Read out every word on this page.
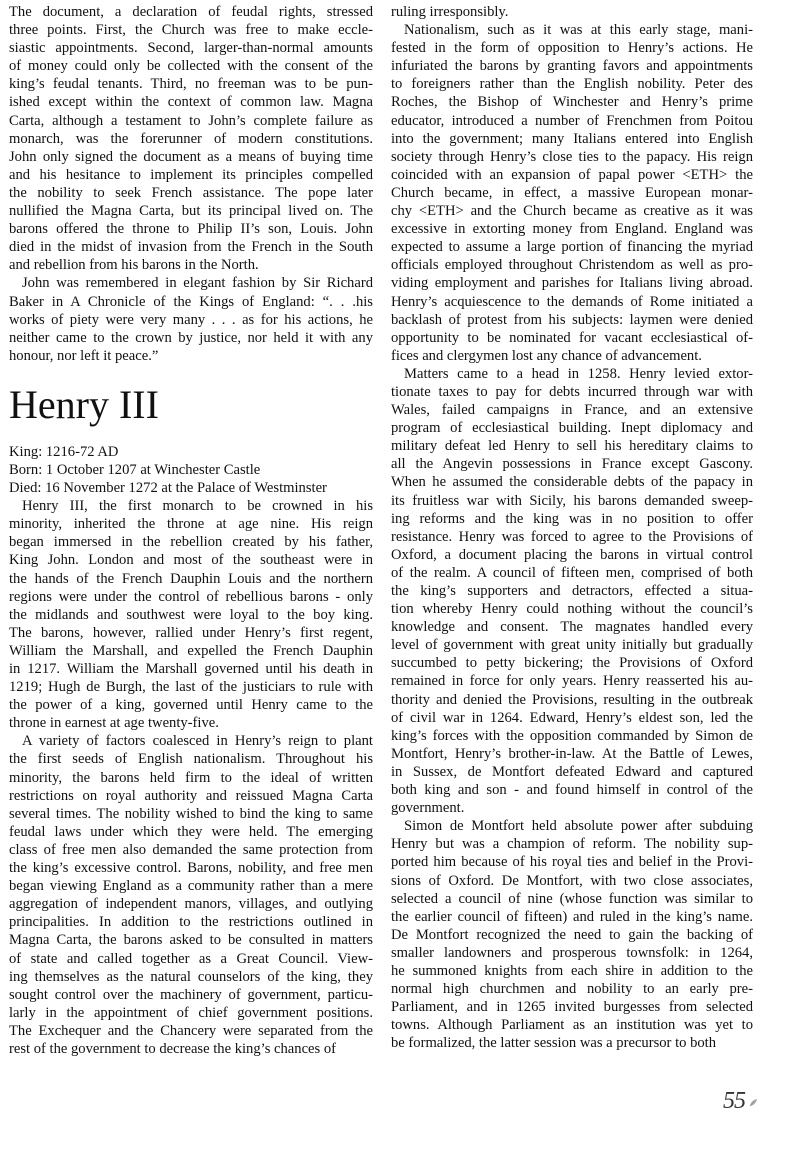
The document, a declaration of feudal rights, stressed
three points. First, the Church was free to make eccle-
siastic appointments. Second, larger-than-normal amounts
of money could only be collected with the consent of the
king’s feudal tenants. Third, no freeman was to be pun-
ished except within the context of common law. Magna
Carta, although a testament to John’s complete failure as
monarch, was the forerunner of modern constitutions.
John only signed the document as a means of buying time
and his hesitance to implement its principles compelled
the nobility to seek French assistance. The pope later
nullified the Magna Carta, but its principal lived on. The
barons offered the throne to Philip II’s son, Louis. John
died in the midst of invasion from the French in the South
and rebellion from his barons in the North.
John was remembered in elegant fashion by Sir Richard
Baker in A Chronicle of the Kings of England: “. . .his
works of piety were very many . . . as for his actions, he
neither came to the crown by justice, nor held it with any
honour, nor left it peace.”
Henry III
King: 1216-72 AD
Born: 1 October 1207 at Winchester Castle
Died: 16 November 1272 at the Palace of Westminster
Henry III, the first monarch to be crowned in his
minority, inherited the throne at age nine. His reign
began immersed in the rebellion created by his father,
King John. London and most of the southeast were in
the hands of the French Dauphin Louis and the northern
regions were under the control of rebellious barons - only
the midlands and southwest were loyal to the boy king.
The barons, however, rallied under Henry’s first regent,
William the Marshall, and expelled the French Dauphin
in 1217. William the Marshall governed until his death in
1219; Hugh de Burgh, the last of the justiciars to rule with
the power of a king, governed until Henry came to the
throne in earnest at age twenty-five.
A variety of factors coalesced in Henry’s reign to plant
the first seeds of English nationalism. Throughout his
minority, the barons held firm to the ideal of written
restrictions on royal authority and reissued Magna Carta
several times. The nobility wished to bind the king to same
feudal laws under which they were held. The emerging
class of free men also demanded the same protection from
the king’s excessive control. Barons, nobility, and free men
began viewing England as a community rather than a mere
aggregation of independent manors, villages, and outlying
principalities. In addition to the restrictions outlined in
Magna Carta, the barons asked to be consulted in matters
of state and called together as a Great Council. View-
ing themselves as the natural counselors of the king, they
sought control over the machinery of government, particu-
larly in the appointment of chief government positions.
The Exchequer and the Chancery were separated from the
rest of the government to decrease the king’s chances of
ruling irresponsibly.
Nationalism, such as it was at this early stage, mani-
fested in the form of opposition to Henry’s actions. He
infuriated the barons by granting favors and appointments
to foreigners rather than the English nobility. Peter des
Roches, the Bishop of Winchester and Henry’s prime
educator, introduced a number of Frenchmen from Poitou
into the government; many Italians entered into English
society through Henry’s close ties to the papacy. His reign
coincided with an expansion of papal power <ETH> the
Church became, in effect, a massive European monar-
chy <ETH> and the Church became as creative as it was
excessive in extorting money from England. England was
expected to assume a large portion of financing the myriad
officials employed throughout Christendom as well as pro-
viding employment and parishes for Italians living abroad.
Henry’s acquiescence to the demands of Rome initiated a
backlash of protest from his subjects: laymen were denied
opportunity to be nominated for vacant ecclesiastical of-
fices and clergymen lost any chance of advancement.
Matters came to a head in 1258. Henry levied extor-
tionate taxes to pay for debts incurred through war with
Wales, failed campaigns in France, and an extensive
program of ecclesiastical building. Inept diplomacy and
military defeat led Henry to sell his hereditary claims to
all the Angevin possessions in France except Gascony.
When he assumed the considerable debts of the papacy in
its fruitless war with Sicily, his barons demanded sweep-
ing reforms and the king was in no position to offer
resistance. Henry was forced to agree to the Provisions of
Oxford, a document placing the barons in virtual control
of the realm. A council of fifteen men, comprised of both
the king’s supporters and detractors, effected a situa-
tion whereby Henry could nothing without the council’s
knowledge and consent. The magnates handled every
level of government with great unity initially but gradually
succumbed to petty bickering; the Provisions of Oxford
remained in force for only years. Henry reasserted his au-
thority and denied the Provisions, resulting in the outbreak
of civil war in 1264. Edward, Henry’s eldest son, led the
king’s forces with the opposition commanded by Simon de
Montfort, Henry’s brother-in-law. At the Battle of Lewes,
in Sussex, de Montfort defeated Edward and captured
both king and son - and found himself in control of the
government.
Simon de Montfort held absolute power after subduing
Henry but was a champion of reform. The nobility sup-
ported him because of his royal ties and belief in the Provi-
sions of Oxford. De Montfort, with two close associates,
selected a council of nine (whose function was similar to
the earlier council of fifteen) and ruled in the king’s name.
De Montfort recognized the need to gain the backing of
smaller landowners and prosperous townsfolk: in 1264,
he summoned knights from each shire in addition to the
normal high churchmen and nobility to an early pre-
Parliament, and in 1265 invited burgesses from selected
towns. Although Parliament as an institution was yet to
be formalized, the latter session was a precursor to both
55
